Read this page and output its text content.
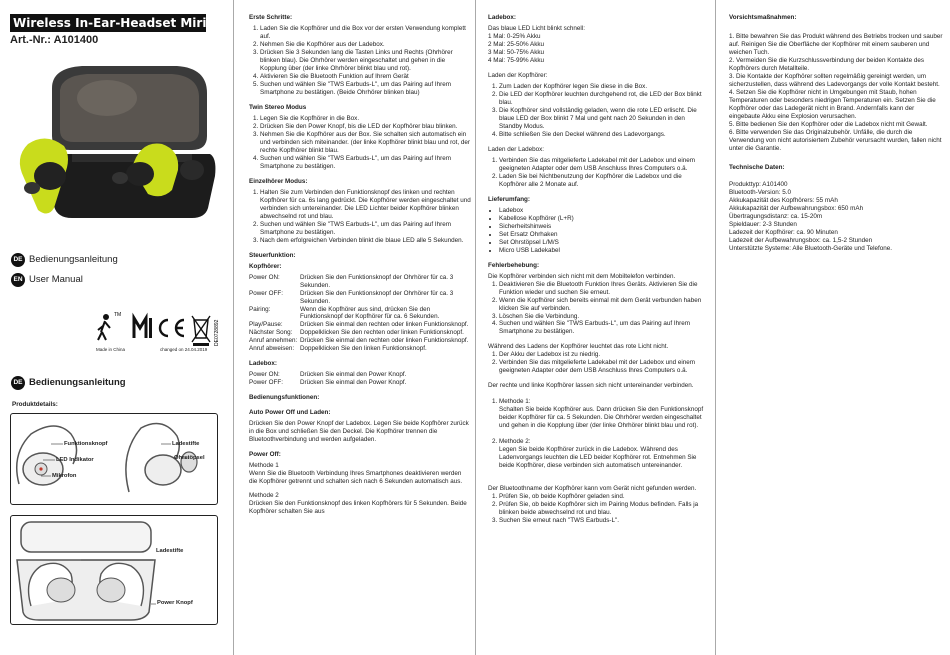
Wireless In-Ear-Headset Miri
Art.-Nr.: A101400
DE Bedienungsanleitung
EN User Manual
TM
DE0728892
Made in China	changed on 24.04.2019
DE Bedienungsanleitung
Produktdetails:
Funktionsknopf
LED Indikator
Mikrofon
Ladestifte
Ohrstöpsel
Ladestifte
Power Knopf
Erste Schritte:
1. Laden Sie die Kopfhörer und die Box vor der ersten Verwendung komplett auf.
2. Nehmen Sie die Kopfhörer aus der Ladebox.
3. Drücken Sie 3 Sekunden lang die Tasten Links und Rechts (Ohrhörer blinken blau). Die Ohrhörer werden eingeschaltet und gehen in die Kopplung über (der linke Ohrhörer blinkt blau und rot).
4. Aktivieren Sie die Bluetooth Funktion auf Ihrem Gerät
5. Suchen und wählen Sie "TWS Earbuds-L", um das Pairing auf Ihrem Smartphone zu bestätigen. (Beide Ohrhörer blinken blau)
Twin Stereo Modus
1. Legen Sie die Kopfhörer in die Box.
2. Drücken Sie den Power Knopf, bis die LED der Kopfhörer blau blinken.
3. Nehmen Sie die Kopfhörer aus der Box. Sie schalten sich automatisch ein und verbinden sich miteinander. (der linke Kopfhörer blinkt blau und rot, der rechte Kopfhörer blinkt blau.
4. Suchen und wählen Sie "TWS Earbuds-L", um das Pairing auf Ihrem Smartphone zu bestätigen.
Einzelhörer Modus:
1. Halten Sie zum Verbinden den Funktionsknopf des linken und rechten Kopfhörer für ca. 6s lang gedrückt. Die Kopfhörer werden eingeschaltet und verbinden sich untereinander. Die LED Lichter beider Kopfhörer blinken abwechselnd rot und blau.
2. Suchen und wählen Sie "TWS Earbuds-L", um das Pairing auf Ihrem Smartphone zu bestätigen.
3. Nach dem erfolgreichen Verbinden blinkt die blaue LED alle 5 Sekunden.
Steuerfunktion:
Kopfhörer:
Power ON:	Drücken Sie den Funktionsknopf der Ohrhörer für ca. 3 Sekunden.
Power OFF:	Drücken Sie den Funktionsknopf der Ohrhörer für ca. 3 Sekunden.
Pairing:	Wenn die Kopfhörer aus sind, drücken Sie den Funktionsknopf der Kopfhörer für ca. 6 Sekunden.
Play/Pause:	Drücken Sie einmal den rechten oder linken Funktionsknopf.
Nächster Song:	Doppelklicken Sie den rechten oder linken Funktionsknopf.
Anruf annehmen: Drücken Sie einmal den rechten oder linken Funktionsknopf.
Anruf abweisen: Doppelklicken Sie den linken Funktionsknopf.
Ladebox:
Power ON:	Drücken Sie einmal den Power Knopf.
Power OFF:	Drücken Sie einmal den Power Knopf.
Bedienungsfunktionen:
Auto Power Off und Laden:

Drücken Sie den Power Knopf der Ladebox. Legen Sie beide Kopfhörer zurück in die Box und schließen Sie den Deckel. Die Kopfhörer trennen die Bluetoothverbindung und werden aufgeladen.

Power Off:

Methode 1

Wenn Sie die Bluetooth Verbindung Ihres Smartphones deaktivieren werden die Kopfhörer getrennt und schalten sich nach 6 Sekunden automatisch aus.

Methode 2

Drücken Sie den Funktionsknopf des linken Kopfhörers für 5 Sekunden. Beide Kopfhörer schalten Sie aus

Ladebox:

Das blaue LED Licht blinkt schnell:

1 Mal: 0-25% Akku

2 Mal: 25-50% Akku

3 Mal: 50-75% Akku

4 Mal: 75-99% Akku

Laden der Kopfhörer:
1. Zum Laden der Kopfhörer legen Sie diese in die Box.
2. Die LED der Kopfhörer leuchten durchgehend rot, die LED der Box blinkt blau.
3. Die Kopfhörer sind vollständig geladen, wenn die rote LED erlischt. Die blaue LED der Box blinkt 7 Mal und geht nach 20 Sekunden in den Standby Modus.
4. Bitte schließen Sie den Deckel während des Ladevorgangs.
Laden der Ladebox:
1. Verbinden Sie das mitgelieferte Ladekabel mit der Ladebox und einem geeigneten Adapter oder dem USB Anschluss Ihres Computers o.ä.
2. Laden Sie bei Nichtbenutzung der Kopfhörer die Ladebox und die Kopfhörer alle 2 Monate auf.
Lieferumfang:
• Ladebox
• Kabellose Kopfhörer (L+R)
• Sicherheitshinweis
• Set Ersatz Ohrhaken
• Set Ohrstöpsel L/M/S
• Micro USB Ladekabel
Fehlerbehebung:

Die Kopfhörer verbinden sich nicht mit dem Mobiltelefon verbinden.

1. Deaktivieren Sie die Bluetooth Funktion Ihres Geräts. Aktivieren Sie die Funktion wieder und suchen Sie erneut.
2. Wenn die Kopfhörer sich bereits einmal mit dem Gerät verbunden haben klicken Sie auf verbinden.
3. Löschen Sie die Verbindung.
4. Suchen und wählen Sie "TWS Earbuds-L", um das Pairing auf Ihrem Smartphone zu bestätigen.

Während des Ladens der Kopfhörer leuchtet das rote Licht nicht.

1. Der Akku der Ladebox ist zu niedrig.
2. Verbinden Sie das mitgelieferte Ladekabel mit der Ladebox und einem geeigneten Adapter oder dem USB Anschluss Ihres Computers o.ä.

Der rechte und linke Kopfhörer lassen sich nicht untereinander verbinden.

1. Methode 1:
Schalten Sie beide Kopfhörer aus. Dann drücken Sie den Funktionsknopf beider Kopfhörer für ca. 5 Sekunden. Die Ohrhörer werden eingeschaltet und gehen in die Kopplung über (der linke Ohrhörer blinkt blau und rot).

2. Methode 2:
Legen Sie beide Kopfhörer zurück in die Ladebox. Während des Ladenvorgangs leuchten die LED beider Kopfhörer rot. Entnehmen Sie beide Kopfhörer, diese verbinden sich automatisch untereinander.

Der Bluetoothname der Kopfhörer kann vom Gerät nicht gefunden werden.

1. Prüfen Sie, ob beide Kopfhörer geladen sind.
2. Prüfen Sie, ob beide Kopfhörer sich im Pairing Modus befinden. Falls ja blinken beide abwechselnd rot und blau.
3. Suchen Sie erneut nach "TWS Earbuds-L".
Vorsichtsmaßnahmen:

1. Bitte bewahren Sie das Produkt während des Betriebs trocken und sauber auf. Reinigen Sie die Oberfläche der Kopfhörer mit einem sauberen und weichen Tuch.

2. Vermeiden Sie die Kurzschlussverbindung der beiden Kontakte des Kopfhörers durch Metallteile.

3. Die Kontakte der Kopfhörer sollten regelmäßig gereinigt werden, um sicherzustellen, dass während des Ladevorgangs der volle Kontakt besteht.

4. Setzen Sie die Kopfhörer nicht in Umgebungen mit Staub, hohen Temperaturen oder besonders niedrigen Temperaturen ein. Setzen Sie die Kopfhörer oder das Ladegerät nicht in Brand. Andernfalls kann der eingebaute Akku eine Explosion verursachen.

5. Bitte bedienen Sie den Kopfhörer oder die Ladebox nicht mit Gewalt.

6. Bitte verwenden Sie das Originalzubehör. Unfälle, die durch die Verwendung von nicht autorisiertem Zubehör verursacht wurden, fallen nicht unter die Garantie.

Technische Daten:

Produkttyp: A101400

Bluetooth-Version: 5.0

Akkukapazität des Kopfhörers: 55 mAh

Akkukapazität der Aufbewahrungsbox: 650 mAh

Übertragungsdistanz: ca. 15-20m

Spieldauer: 2-3 Stunden

Ladezeit der Kopfhörer: ca. 90 Minuten

Ladezeit der Aufbewahrungsbox: ca. 1,5-2 Stunden

Unterstützte Systeme: Alle Bluetooth-Geräte und Telefone.
